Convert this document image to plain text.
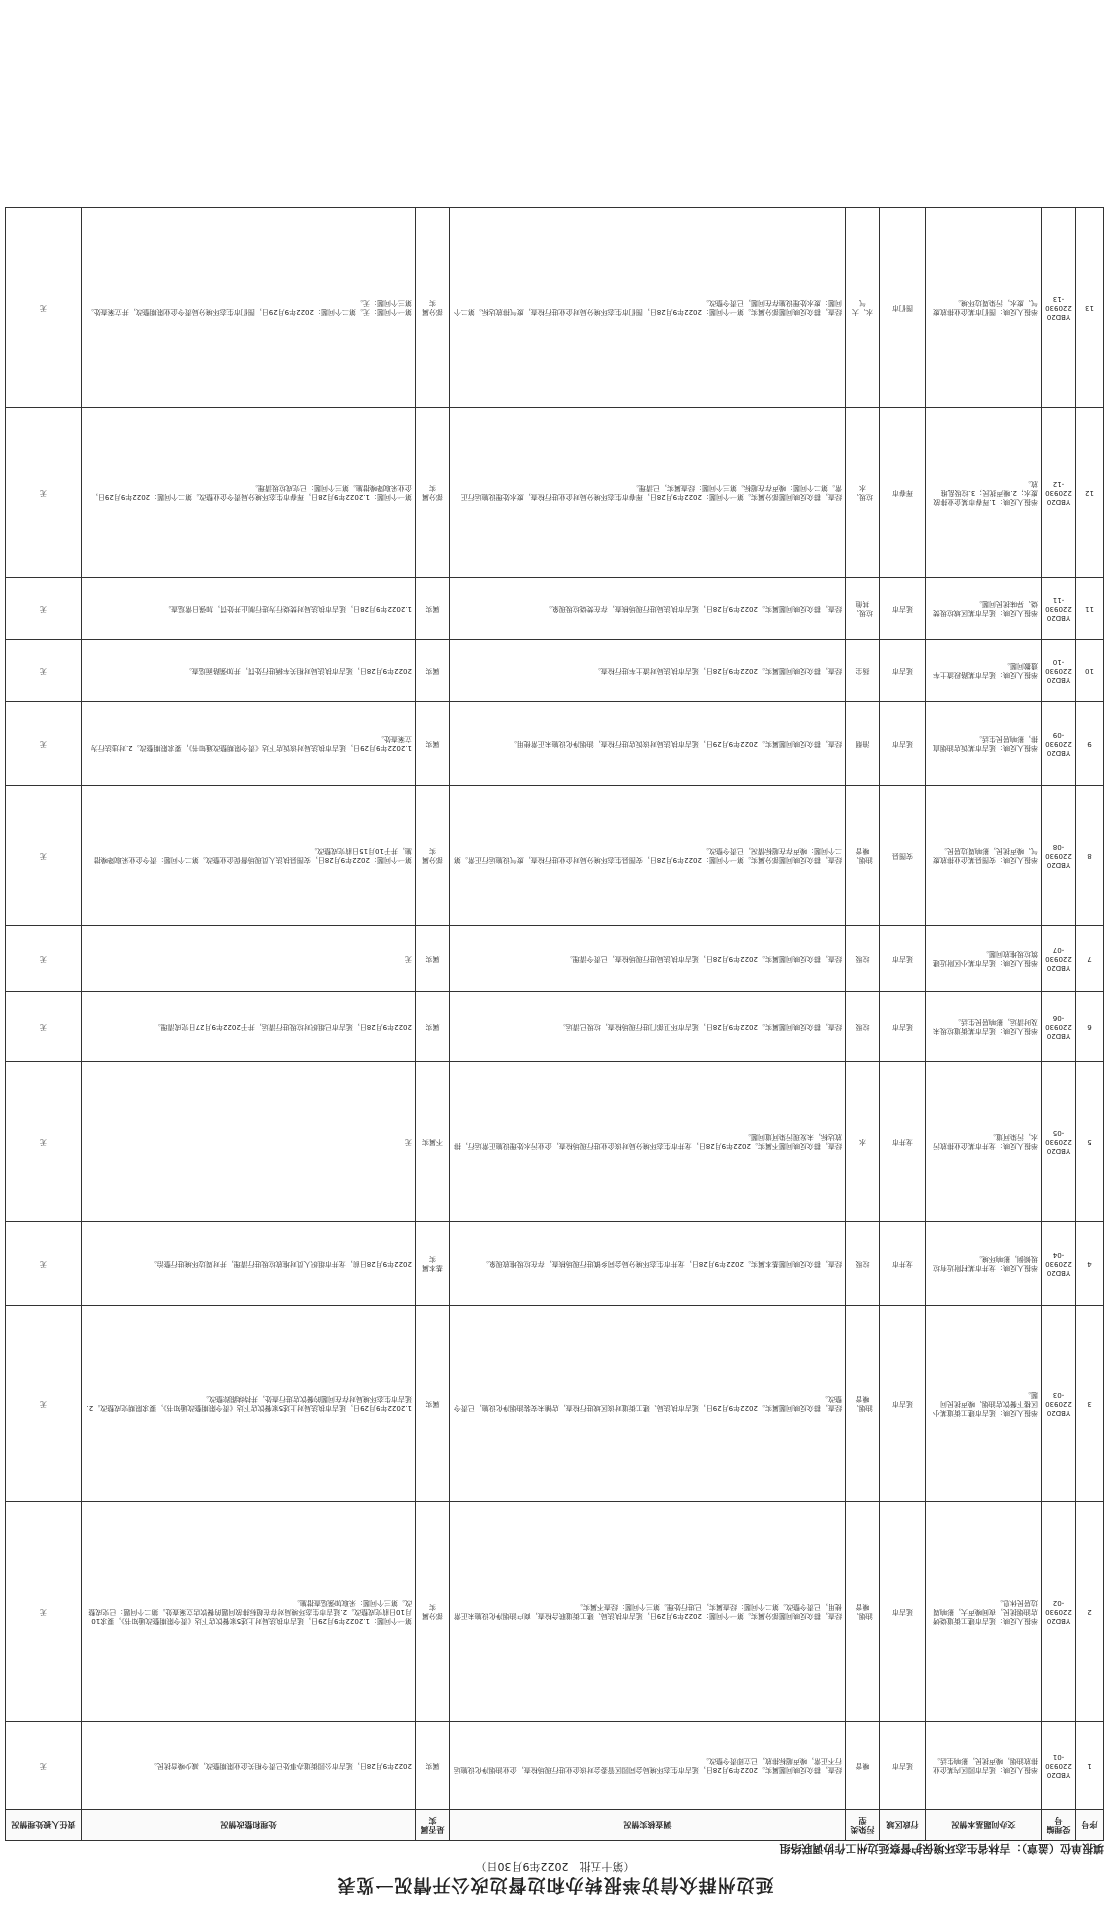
延边州群众信访举报转办和边督边改公开情况一览表
（第十五批　2022年9月30日）
填报单位（盖章）：吉林省生态环境保护督察延边州工作协调联络组
序号	受理编号	交办问题基本情况	行政区域	污染类型	调查核实情况	是否属实	处理和整改情况	责任人被处理情况
1	YBD20220930-01	举报人反映：延吉市园区内某企业排放油烟，噪声扰民，影响生活。	延吉市	噪音	经查，群众反映问题属实。2022年9月28日，延吉市生态环境局会同园区管委会对该企业进行现场检查，企业油烟净化设施运行不正常，噪声超标排放，已立即责令整改。	属实	2022年9月28日，延吉市公园街道办事处已责令相关企业限期整改，减少噪音扰民。	无
2	YBD20220930-02	举报人反映：延吉市建工街道烧烤店油烟扰民，夜间噪声大，影响周边居民休息。	延吉市	油烟、噪音	经查，群众反映问题部分属实。第一个问题：2022年9月29日，延吉市执法局、建工街道联合检查，商户油烟净化设施未正常使用，已责令整改。第二个问题：经查属实，已进行处理。第三个问题：经查不属实。	部分属实	第一个问题：1.2022年9月29日，延吉市执法局对上述5家餐饮店下达《责令限期整改通知书》，要求10月10日前完成整改。2.延吉市生态环境局对存在超标排放问题的餐饮店立案查处。第二个问题：已完成整改。第三个问题：采取加强巡查措施。	无
3	YBD20220930-03	举报人反映：延吉市建工街道某小区楼下餐饮店油烟、噪声扰民问题。	延吉市	油烟、噪音	经查，群众反映问题属实。2022年9月29日，延吉市执法局、建工街道对该区域进行检查，店铺未安装油烟净化设施，已责令整改。	属实	1.2022年9月29日，延吉市执法局对上述5家餐饮店下达《责令限期整改通知书》，要求限期完成整改。2.延吉市生态环境局对存在问题的餐饮店进行查处，并持续跟踪整改。	无
4	YBD20220930-04	举报人反映：龙井市某村附近有垃圾倾倒，影响环境。	龙井市	垃圾	经查，群众反映问题基本属实。2022年9月28日，龙井市生态环境分局会同乡镇进行现场核查，存在垃圾堆放现象。	基本属实	2022年9月28日前，龙井市组织人员对堆放垃圾进行清理，并对周边环境进行整治。	无
5	YBD20220930-05	举报人反映：龙井市某企业排放污水，污染河道。	龙井市	水	经查，群众反映问题不属实。2022年9月28日，龙井市生态环境分局对该企业进行现场检查，企业污水处理设施正常运行，排放达标，未发现污染河道问题。	不属实	无	无
6	YBD20220930-06	举报人反映：延吉市某街道垃圾未及时清运，影响居民生活。	延吉市	垃圾	经查，群众反映问题属实。2022年9月28日，延吉市环卫部门进行现场检查，垃圾已清运。	属实	2022年9月28日，延吉市已组织对垃圾进行清运，并于2022年9月27日完成清理。	无
7	YBD20220930-07	举报人反映：延吉市某小区附近建筑垃圾堆放问题。	延吉市	垃圾	经查，群众反映问题属实。2022年9月28日，延吉市执法局进行现场检查，已责令清理。	属实	无	无
8	YBD20220930-08	举报人反映：安图县某企业排放废气、噪声扰民，影响周边居民。	安图县	油烟、噪音	经查，群众反映问题部分属实。第一个问题：2022年9月28日，安图县生态环境分局对企业进行检查，废气设施运行正常。第二个问题：噪声存在超标情况，已责令整改。	部分属实	第一个问题：2022年9月28日，安图县执法人员现场督促企业整改。第二个问题：责令企业采取降噪措施，并于10月15日前完成整改。	无
9	YBD20220930-09	举报人反映：延吉市某饭店油烟直排，影响居民生活。	延吉市	油烟	经查，群众反映问题属实。2022年9月29日，延吉市执法局对该饭店进行检查，油烟净化设施未正常使用。	属实	1.2022年9月29日，延吉市执法局对该饭店下达《责令限期整改通知书》，要求限期整改。2.对违法行为立案查处。	无
10	YBD20220930-10	举报人反映：延吉市某路段渣土车遗撒问题。	延吉市	扬尘	经查，群众反映问题属实。2022年9月28日，延吉市执法局对渣土车进行检查。	属实	2022年9月28日，延吉市执法局对相关车辆进行处罚，并加强路面巡查。	无
11	YBD20220930-11	举报人反映：延吉市某区域垃圾焚烧、异味扰民问题。	延吉市	垃圾、其他	经查，群众反映问题属实。2022年9月28日，延吉市执法局进行现场核查，存在焚烧垃圾现象。	属实	1.2022年9月28日，延吉市执法局对焚烧行为进行制止并处罚，加强日常巡查。	无
12	YBD20220930-12	举报人反映：1.珲春市某企业排放废水；2.噪声扰民；3.垃圾乱堆放。	珲春市	垃圾、水	经查，群众反映问题部分属实。第一个问题：2022年9月28日，珲春市生态环境分局对企业进行检查，废水处理设施运行正常。第二个问题：噪声存在超标。第三个问题：经查属实，已清理。	部分属实	第一个问题：1.2022年9月28日，珲春市生态环境分局责令企业整改。第二个问题：2022年9月29日，企业采取降噪措施。第三个问题：已完成垃圾清理。	无
13	YBD20220930-13	举报人反映：图们市某企业排放废气、废水，污染周边环境。	图们市	水、大气	经查，群众反映问题部分属实。第一个问题：2022年9月28日，图们市生态环境分局对企业进行检查，废气排放达标。第二个问题：废水处理设施存在问题，已责令整改。	部分属实	第一个问题：无。第二个问题：2022年9月29日，图们市生态环境分局责令企业限期整改，并立案查处。第三个问题：无。	无
